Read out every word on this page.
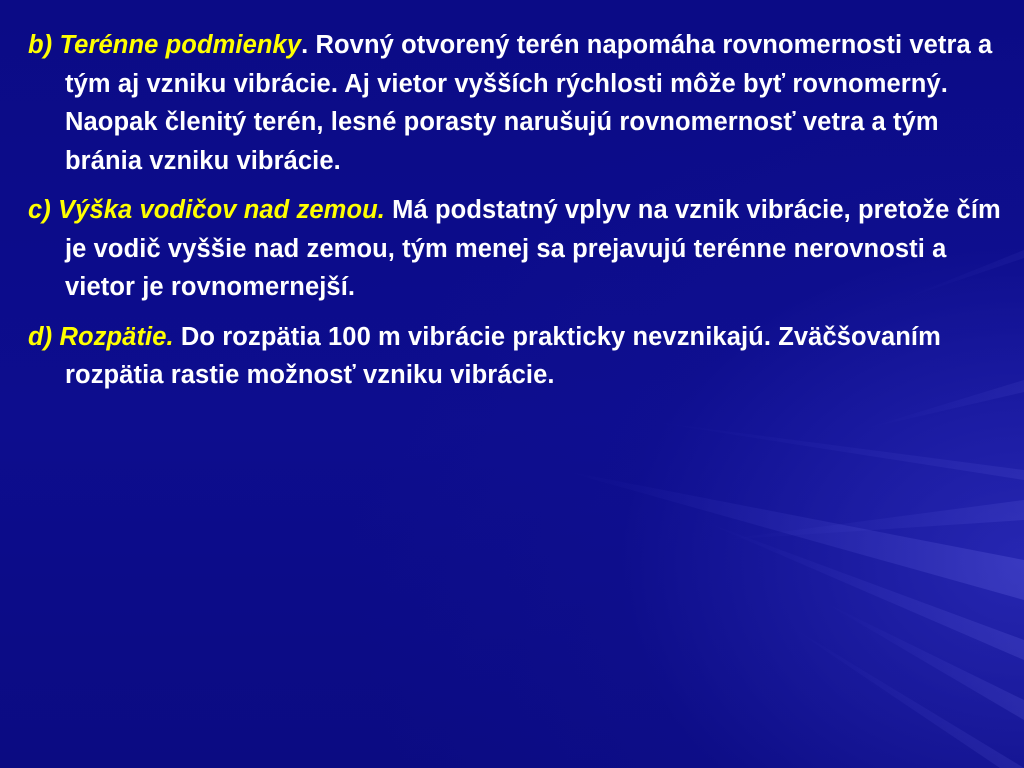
b) Terénne podmienky. Rovný otvorený terén napomáha rovnomernosti vetra a tým aj vzniku vibrácie. Aj vietor vyšších rýchlosti môže byť rovnomerný. Naopak členitý terén, lesné porasty narušujú rovnomernosť vetra a tým bránia vzniku vibrácie.

c) Výška vodičov nad zemou. Má podstatný vplyv na vznik vibrácie, pretože čím je vodič vyššie nad zemou, tým menej sa prejavujú terénne nerovnosti a vietor je rovnomernejší.

d) Rozpätie. Do rozpätia 100 m vibrácie prakticky nevznikajú. Zväčšovaním rozpätia rastie možnosť vzniku vibrácie.
